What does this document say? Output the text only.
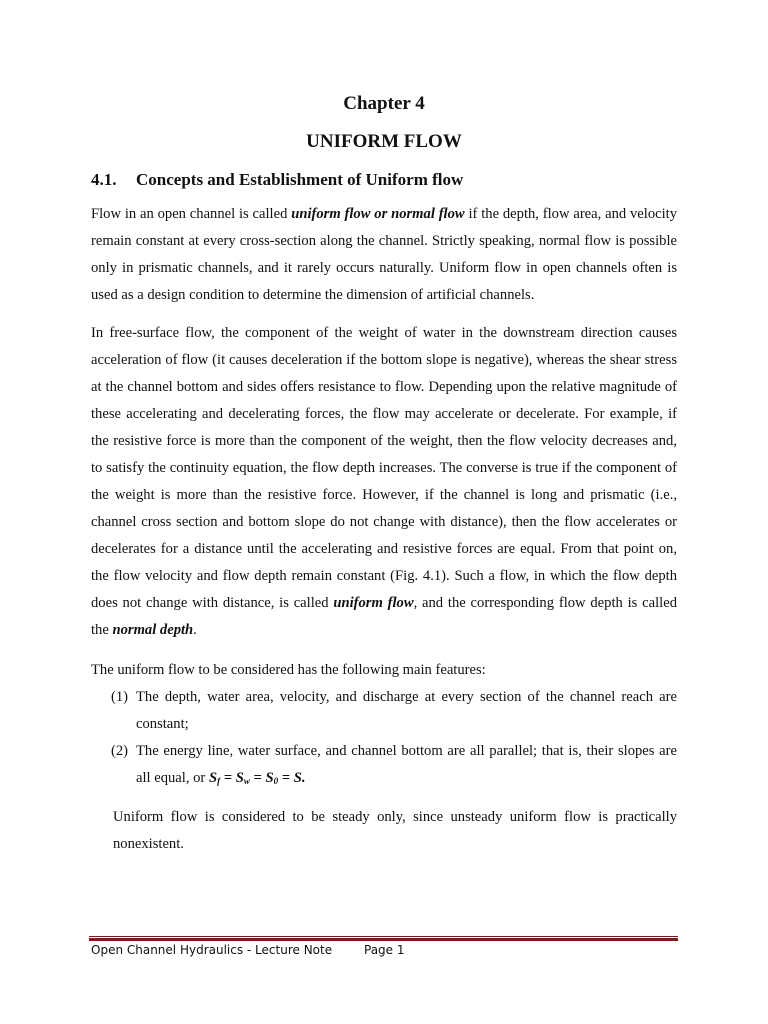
Chapter 4
UNIFORM FLOW
4.1. Concepts and Establishment of Uniform flow

Flow in an open channel is called uniform flow or normal flow if the depth, flow area, and velocity remain constant at every cross-section along the channel. Strictly speaking, normal flow is possible only in prismatic channels, and it rarely occurs naturally. Uniform flow in open channels often is used as a design condition to determine the dimension of artificial channels.

In free-surface flow, the component of the weight of water in the downstream direction causes acceleration of flow (it causes deceleration if the bottom slope is negative), whereas the shear stress at the channel bottom and sides offers resistance to flow. Depending upon the relative magnitude of these accelerating and decelerating forces, the flow may accelerate or decelerate. For example, if the resistive force is more than the component of the weight, then the flow velocity decreases and, to satisfy the continuity equation, the flow depth increases. The converse is true if the component of the weight is more than the resistive force. However, if the channel is long and prismatic (i.e., channel cross section and bottom slope do not change with distance), then the flow accelerates or decelerates for a distance until the accelerating and resistive forces are equal. From that point on, the flow velocity and flow depth remain constant (Fig. 4.1). Such a flow, in which the flow depth does not change with distance, is called uniform flow, and the corresponding flow depth is called the normal depth.

The uniform flow to be considered has the following main features:

(1) The depth, water area, velocity, and discharge at every section of the channel reach are constant;
(2) The energy line, water surface, and channel bottom are all parallel; that is, their slopes are all equal, or $S_f = S_w = S_0 = S$.

Uniform flow is considered to be steady only, since unsteady uniform flow is practically nonexistent.

Open Channel Hydraulics - Lecture Note	Page 1
